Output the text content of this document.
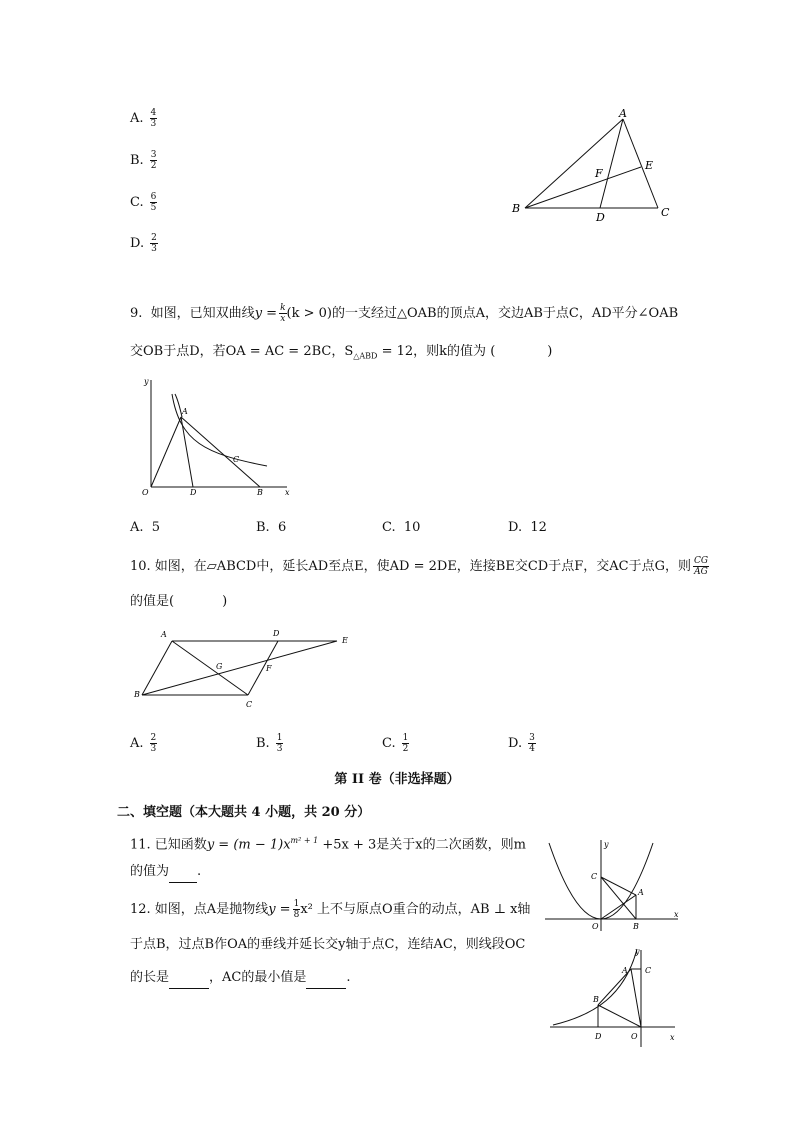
A. $\frac{4}{3}$
B. $\frac{3}{2}$
C. $\frac{6}{5}$
D. $\frac{2}{3}$
A
B	C
D
E
F
9. 如图，已知双曲线$y = \frac{k}{x} (k > 0)$的一支经过△OAB的顶点A，交边AB于点C，AD平分∠OAB
交OB于点D，若OA = AC = 2BC，$S_{\triangle ABD} = 12$，则k的值为 (	)
y
x
O
A
C
D	B
A. 5	B. 6	C. 10	D. 12
10. 如图，在▱ABCD中，延长AD至点E，使AD = 2DE，连接BE交CD于点F，交AC于点G，则 $\frac{CG}{AG}$
的值是(	)
A	D
E
G	F
B
C
A. $\frac{2}{3}$	B. $\frac{1}{3}$	C. $\frac{1}{2}$	D. $\frac{3}{4}$
第 II 卷（非选择题）
二、填空题（本大题共 4 小题，共 20 分）
11. 已知函数$y = (m - 1)x^{m^2 + 1} +5x + 3$是关于x的二次函数，则m
的值为 .
12. 如图，点A是抛物线$y = \frac{1}{8} x^2$ 上不与原点O重合的动点，AB ⊥ x轴
于点B，过点B作OA的垂线并延长交y轴于点C，连结AC，则线段OC
的长是	，AC的最小值是	.
y
x
C
A
O	B
y
x
A C
B
D	O
